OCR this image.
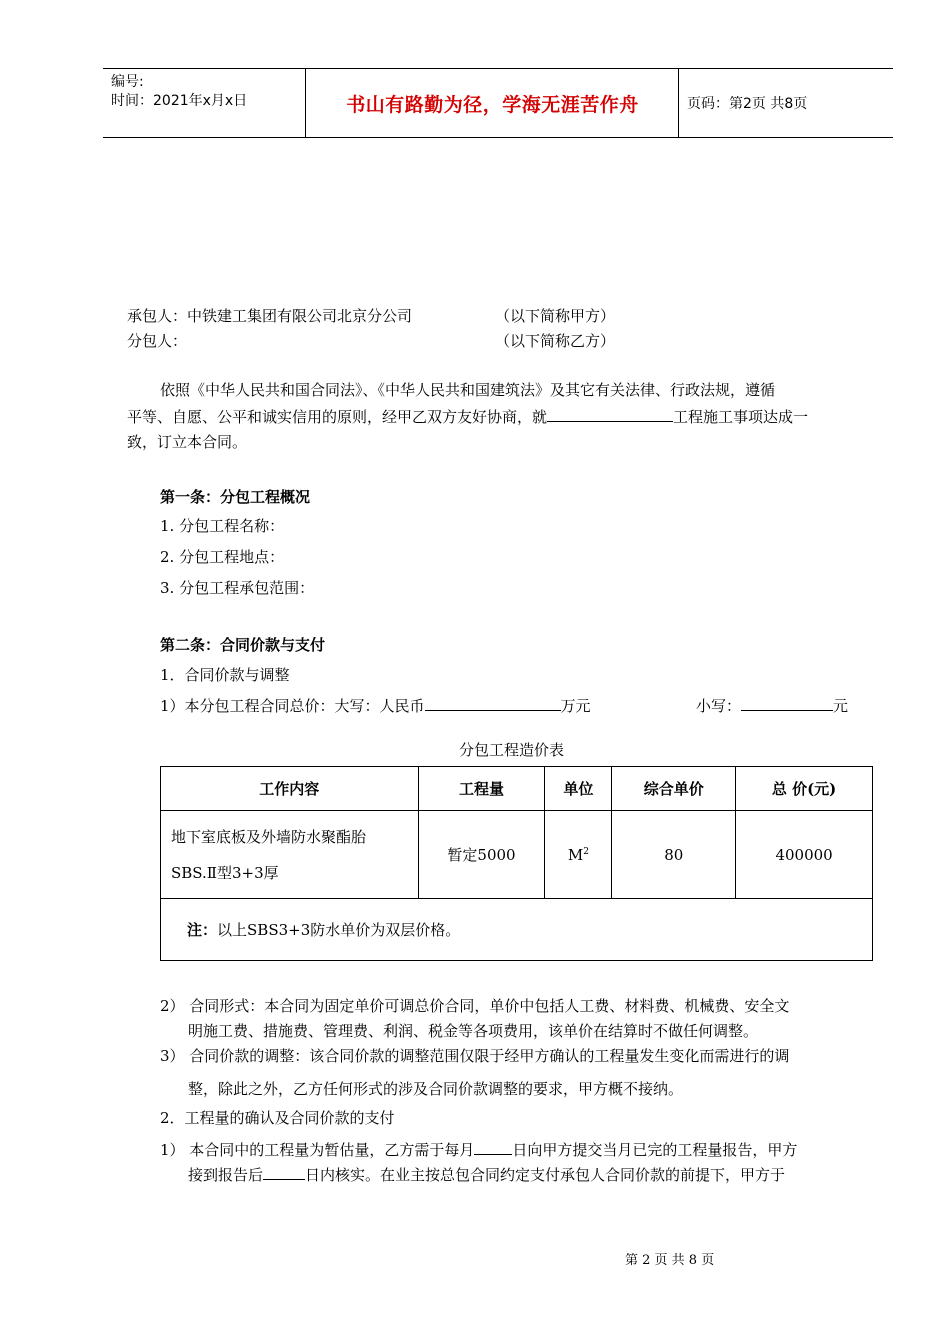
编号:
时间：2021年x月x日	书山有路勤为径，学海无涯苦作舟	页码：第2页 共8页
承包人：中铁建工集团有限公司北京分公司	（以下简称甲方）
分包人：	（以下简称乙方）
依照《中华人民共和国合同法》、《中华人民共和国建筑法》及其它有关法律、行政法规，遵循
平等、自愿、公平和诚实信用的原则，经甲乙双方友好协商，就	工程施工事项达成一
致，订立本合同。
第一条：分包工程概况
1. 分包工程名称：
2. 分包工程地点：
3. 分包工程承包范围：
第二条：合同价款与支付
1．合同价款与调整
1）本分包工程合同总价：大写：人民币	万元	小写：	元
分包工程造价表
工作内容	工程量	单位	综合单价	总 价(元)

地下室底板及外墙防水聚酯胎
SBS.Ⅱ型3+3厚	暂定5000	$M^2$	80	400000
注：以上SBS3+3防水单价为双层价格。				
2） 合同形式：本合同为固定单价可调总价合同，单价中包括人工费、材料费、机械费、安全文
明施工费、措施费、管理费、利润、税金等各项费用，该单价在结算时不做任何调整。
3） 合同价款的调整：该合同价款的调整范围仅限于经甲方确认的工程量发生变化而需进行的调
整，除此之外，乙方任何形式的涉及合同价款调整的要求，甲方概不接纳。
2．工程量的确认及合同价款的支付
1） 本合同中的工程量为暂估量，乙方需于每月	日向甲方提交当月已完的工程量报告，甲方
接到报告后	日内核实。在业主按总包合同约定支付承包人合同价款的前提下，甲方于
第 2 页 共 8 页
